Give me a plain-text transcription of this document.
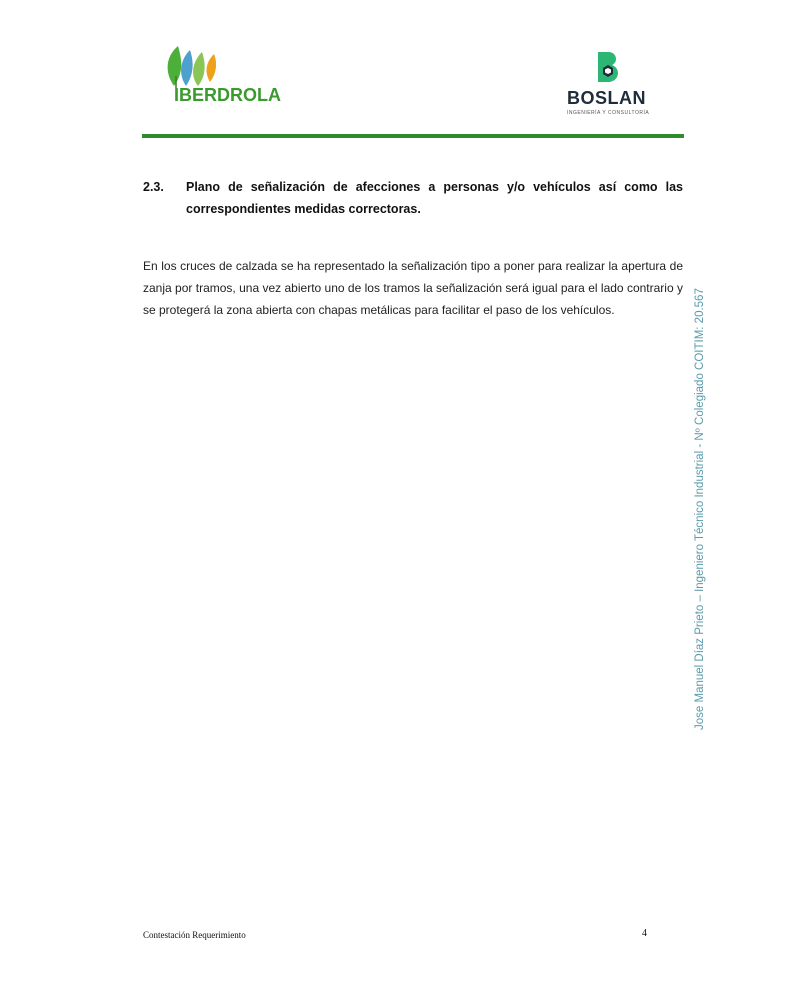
IBERDROLA	BOSLAN
INGENIERÍA Y CONSULTORÍA
2.3. Plano de señalización de afecciones a personas y/o vehículos así como las correspondientes medidas correctoras.

En los cruces de calzada se ha representado la señalización tipo a poner para realizar la apertura de zanja por tramos, una vez abierto uno de los tramos la señalización será igual para el lado contrario y se protegerá la zona abierta con chapas metálicas para facilitar el paso de los vehículos.	Jose Manuel Díaz Prieto – Ingeniero Técnico Industrial - Nº Colegiado COITIM: 20.567
Contestación Requerimiento	4
